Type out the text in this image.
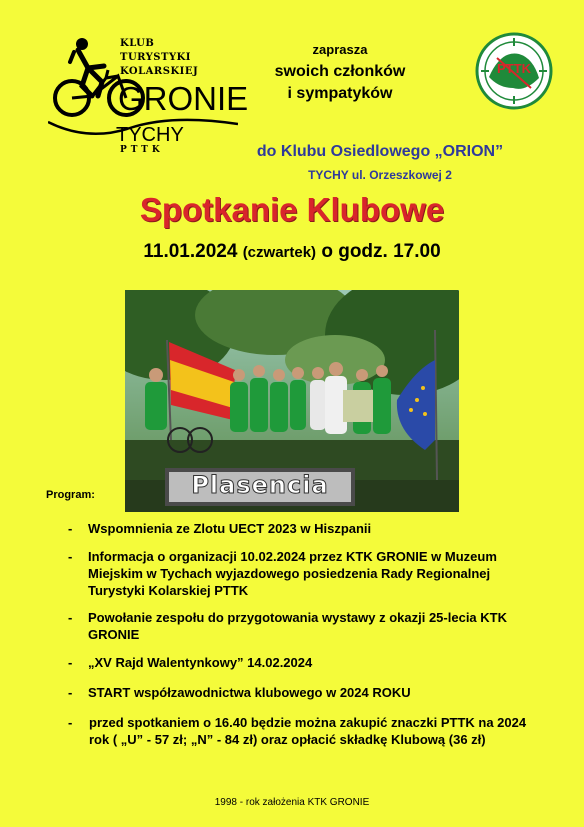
KLUB
TURYSTYKI
KOLARSKIEJ
GRONIE
TYCHY
PTTK
zaprasza
swoich członków
i sympatyków
PTTK
do Klubu Osiedlowego „ORION”
TYCHY ul. Orzeszkowej 2
Spotkanie Klubowe
11.01.2024 (czwartek) o godz. 17.00
Plasencia
Program:
- Wspomnienia ze Zlotu UECT 2023 w Hiszpanii
- Informacja o organizacji 10.02.2024 przez KTK GRONIE w Muzeum Miejskim w Tychach wyjazdowego posiedzenia Rady Regionalnej Turystyki Kolarskiej PTTK
- Powołanie zespołu do przygotowania wystawy z okazji 25-lecia KTK GRONIE
- „XV Rajd Walentynkowy” 14.02.2024
- START współzawodnictwa klubowego w 2024 ROKU
- przed spotkaniem o 16.40 będzie można zakupić znaczki PTTK na 2024 rok ( „U” - 57 zł; „N” - 84 zł) oraz opłacić składkę Klubową (36 zł)
1998 - rok założenia KTK GRONIE
